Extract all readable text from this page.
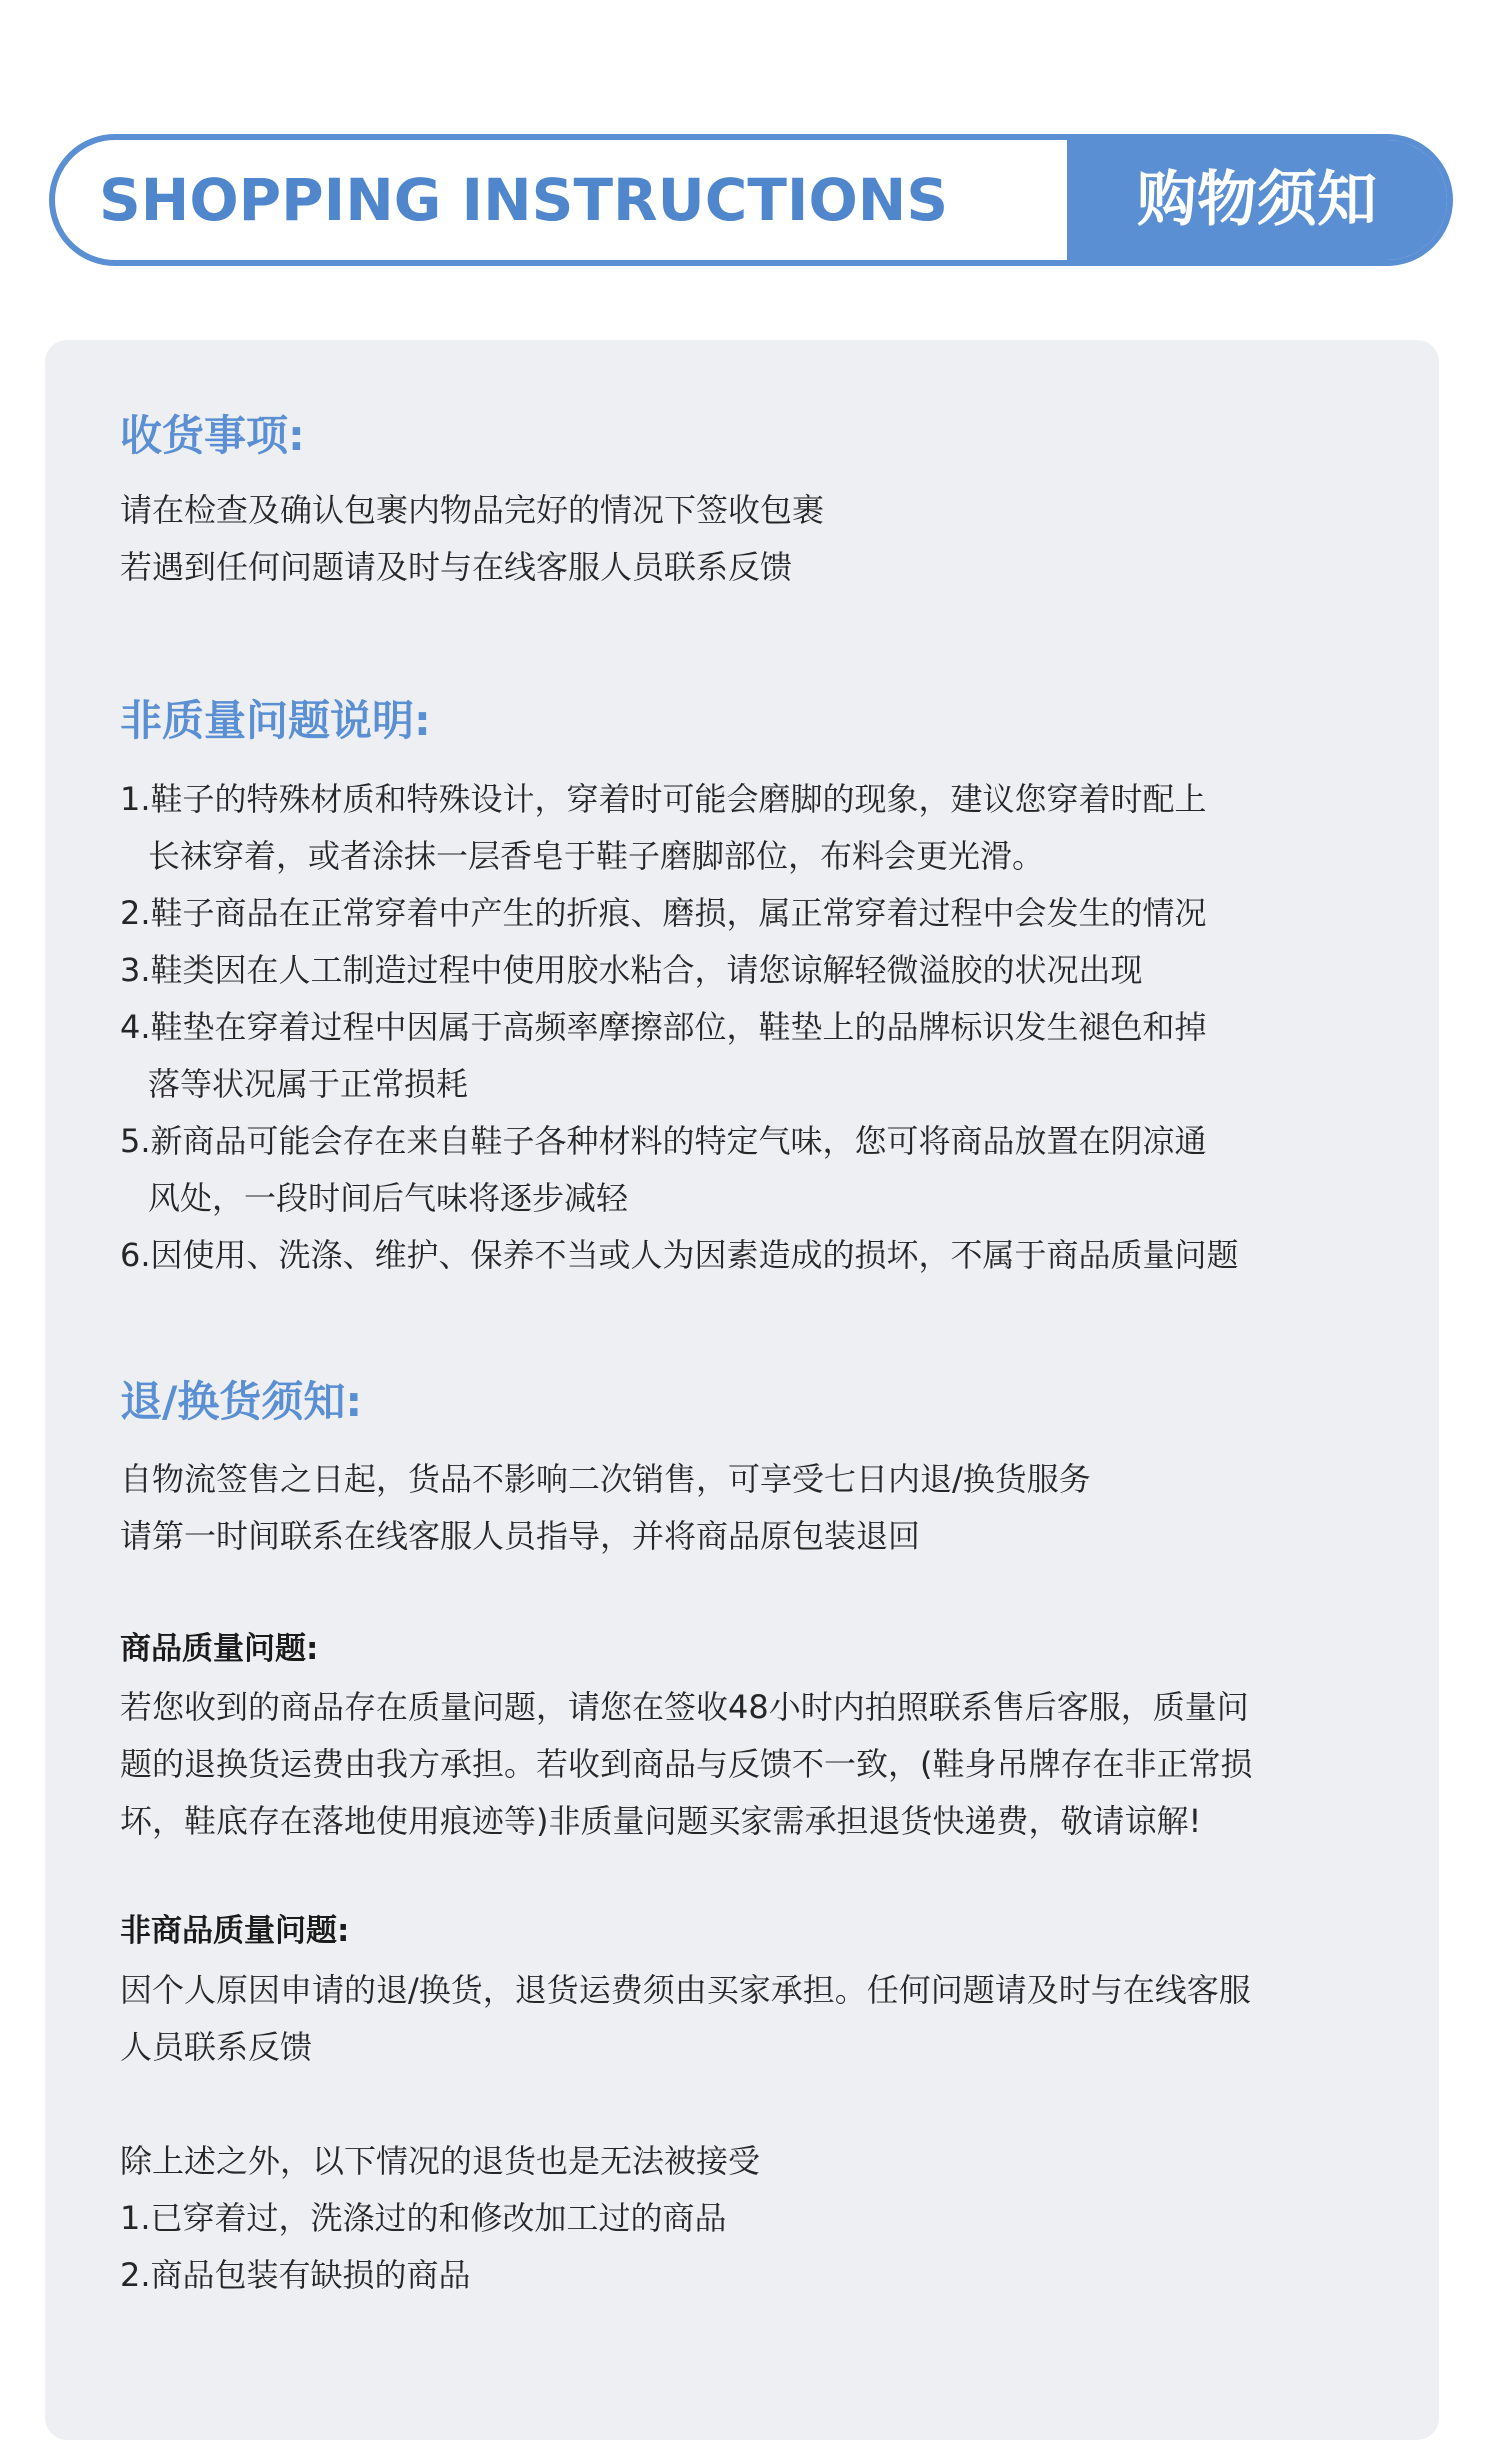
SHOPPING INSTRUCTIONS	购物须知
收货事项:
请在检查及确认包裹内物品完好的情况下签收包裹
若遇到任何问题请及时与在线客服人员联系反馈
非质量问题说明:
1.鞋子的特殊材质和特殊设计，穿着时可能会磨脚的现象，建议您穿着时配上
长袜穿着，或者涂抹一层香皂于鞋子磨脚部位，布料会更光滑。
2.鞋子商品在正常穿着中产生的折痕、磨损，属正常穿着过程中会发生的情况
3.鞋类因在人工制造过程中使用胶水粘合，请您谅解轻微溢胶的状况出现
4.鞋垫在穿着过程中因属于高频率摩擦部位，鞋垫上的品牌标识发生褪色和掉
落等状况属于正常损耗
5.新商品可能会存在来自鞋子各种材料的特定气味，您可将商品放置在阴凉通
风处，一段时间后气味将逐步减轻
6.因使用、洗涤、维护、保养不当或人为因素造成的损坏，不属于商品质量问题
退/换货须知:
自物流签售之日起，货品不影响二次销售，可享受七日内退/换货服务
请第一时间联系在线客服人员指导，并将商品原包装退回
商品质量问题:
若您收到的商品存在质量问题，请您在签收48小时内拍照联系售后客服，质量问
题的退换货运费由我方承担。若收到商品与反馈不一致，(鞋身吊牌存在非正常损
坏，鞋底存在落地使用痕迹等)非质量问题买家需承担退货快递费，敬请谅解!
非商品质量问题:
因个人原因申请的退/换货，退货运费须由买家承担。任何问题请及时与在线客服
人员联系反馈
除上述之外，以下情况的退货也是无法被接受
1.已穿着过，洗涤过的和修改加工过的商品
2.商品包装有缺损的商品
